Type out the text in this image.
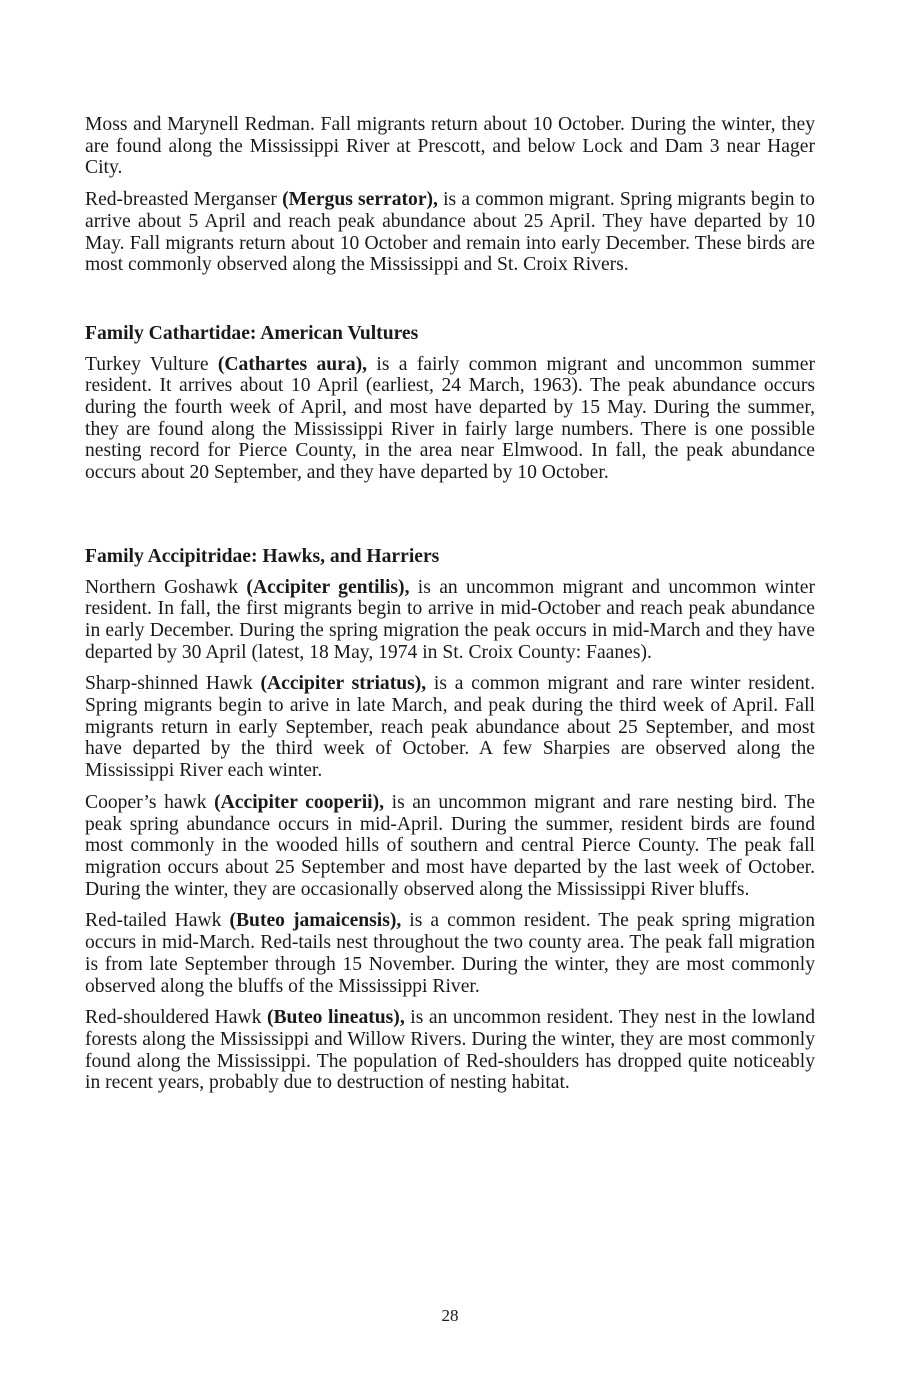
Moss and Marynell Redman. Fall migrants return about 10 October. During the winter, they are found along the Mississippi River at Prescott, and below Lock and Dam 3 near Hager City.

Red-breasted Merganser (Mergus serrator), is a common migrant. Spring migrants begin to arrive about 5 April and reach peak abundance about 25 April. They have departed by 10 May. Fall migrants return about 10 October and remain into early December. These birds are most commonly observed along the Mississippi and St. Croix Rivers.

Family Cathartidae: American Vultures

Turkey Vulture (Cathartes aura), is a fairly common migrant and uncommon summer resident. It arrives about 10 April (earliest, 24 March, 1963). The peak abundance occurs during the fourth week of April, and most have departed by 15 May. During the summer, they are found along the Mississippi River in fairly large numbers. There is one possible nesting record for Pierce County, in the area near Elmwood. In fall, the peak abundance occurs about 20 September, and they have departed by 10 October.

Family Accipitridae: Hawks, and Harriers

Northern Goshawk (Accipiter gentilis), is an uncommon migrant and uncommon winter resident. In fall, the first migrants begin to arrive in mid-October and reach peak abundance in early December. During the spring migration the peak occurs in mid-March and they have departed by 30 April (latest, 18 May, 1974 in St. Croix County: Faanes).

Sharp-shinned Hawk (Accipiter striatus), is a common migrant and rare winter resident. Spring migrants begin to arive in late March, and peak during the third week of April. Fall migrants return in early September, reach peak abundance about 25 September, and most have departed by the third week of October. A few Sharpies are observed along the Mississippi River each winter.

Cooper’s hawk (Accipiter cooperii), is an uncommon migrant and rare nesting bird. The peak spring abundance occurs in mid-April. During the summer, resident birds are found most commonly in the wooded hills of southern and central Pierce County. The peak fall migration occurs about 25 September and most have departed by the last week of October. During the winter, they are occasionally observed along the Mississippi River bluffs.

Red-tailed Hawk (Buteo jamaicensis), is a common resident. The peak spring migration occurs in mid-March. Red-tails nest throughout the two county area. The peak fall migration is from late September through 15 November. During the winter, they are most commonly observed along the bluffs of the Mississippi River.

Red-shouldered Hawk (Buteo lineatus), is an uncommon resident. They nest in the lowland forests along the Mississippi and Willow Rivers. During the winter, they are most commonly found along the Mississippi. The population of Red-shoulders has dropped quite noticeably in recent years, probably due to destruction of nesting habitat.

28
